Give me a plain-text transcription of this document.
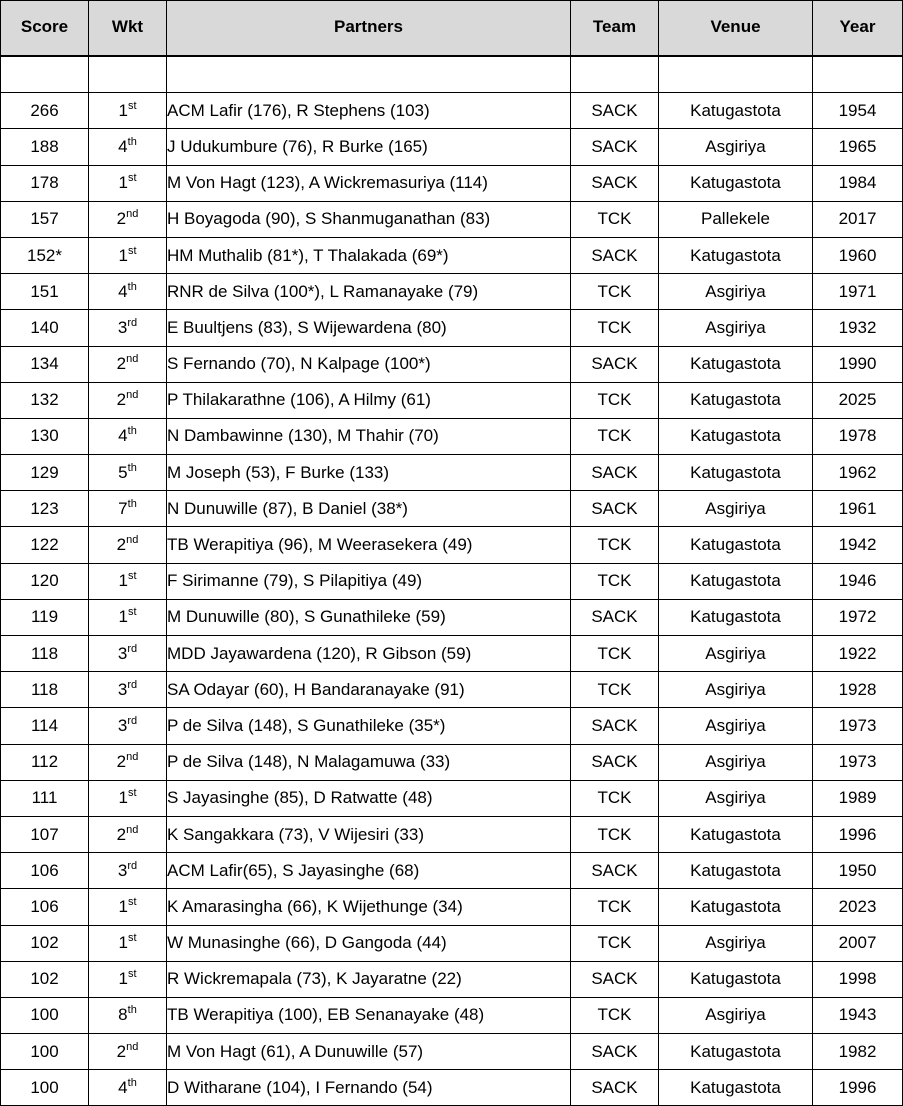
Score	Wkt	Partners	Team	Venue	Year

266	1st	ACM Lafir (176), R Stephens (103)	SACK	Katugastota	1954
188	4th	J Udukumbure (76), R Burke (165)	SACK	Asgiriya	1965
178	1st	M Von Hagt (123), A Wickremasuriya (114)	SACK	Katugastota	1984
157	2nd	H Boyagoda (90), S Shanmuganathan (83)	TCK	Pallekele	2017
152*	1st	HM Muthalib (81*), T Thalakada (69*)	SACK	Katugastota	1960
151	4th	RNR de Silva (100*), L Ramanayake (79)	TCK	Asgiriya	1971
140	3rd	E Buultjens (83), S Wijewardena (80)	TCK	Asgiriya	1932
134	2nd	S Fernando (70), N Kalpage (100*)	SACK	Katugastota	1990
132	2nd	P Thilakarathne (106), A Hilmy (61)	TCK	Katugastota	2025
130	4th	N Dambawinne (130), M Thahir (70)	TCK	Katugastota	1978
129	5th	M Joseph (53), F Burke (133)	SACK	Katugastota	1962
123	7th	N Dunuwille (87), B Daniel (38*)	SACK	Asgiriya	1961
122	2nd	TB Werapitiya (96), M Weerasekera (49)	TCK	Katugastota	1942
120	1st	F Sirimanne (79), S Pilapitiya (49)	TCK	Katugastota	1946
119	1st	M Dunuwille (80), S Gunathileke (59)	SACK	Katugastota	1972
118	3rd	MDD Jayawardena (120), R Gibson (59)	TCK	Asgiriya	1922
118	3rd	SA Odayar (60), H Bandaranayake (91)	TCK	Asgiriya	1928
114	3rd	P de Silva (148), S Gunathileke (35*)	SACK	Asgiriya	1973
112	2nd	P de Silva (148), N Malagamuwa (33)	SACK	Asgiriya	1973
111	1st	S Jayasinghe (85), D Ratwatte (48)	TCK	Asgiriya	1989
107	2nd	K Sangakkara (73), V Wijesiri (33)	TCK	Katugastota	1996
106	3rd	ACM Lafir(65), S Jayasinghe (68)	SACK	Katugastota	1950
106	1st	K Amarasingha (66), K Wijethunge (34)	TCK	Katugastota	2023
102	1st	W Munasinghe (66), D Gangoda (44)	TCK	Asgiriya	2007
102	1st	R Wickremapala (73), K Jayaratne (22)	SACK	Katugastota	1998
100	8th	TB Werapitiya (100), EB Senanayake (48)	TCK	Asgiriya	1943
100	2nd	M Von Hagt (61), A Dunuwille (57)	SACK	Katugastota	1982
100	4th	D Witharane (104), I Fernando (54)	SACK	Katugastota	1996
